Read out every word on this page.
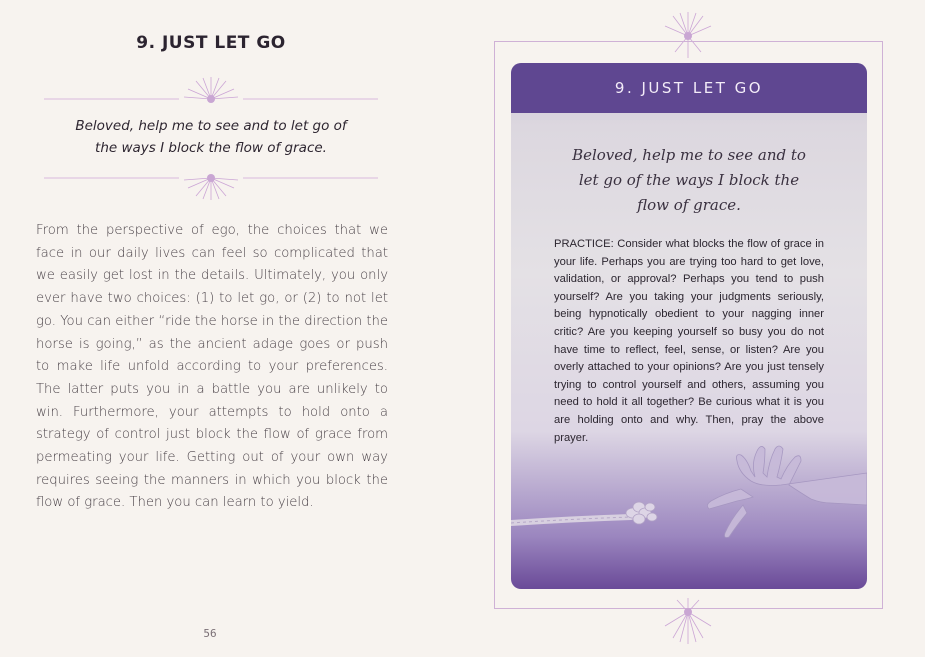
9. JUST LET GO
Beloved, help me to see and to let go of
the ways I block the flow of grace.
From the perspective of ego, the choices that we face in our daily lives can feel so complicated that we easily get lost in the details. Ultimately, you only ever have two choices: (1) to let go, or (2) to not let go. You can either “ride the horse in the direction the horse is going,” as the ancient adage goes or push to make life unfold according to your preferences. The latter puts you in a battle you are unlikely to win. Furthermore, your attempts to hold onto a strategy of control just block the flow of grace from permeating your life. Getting out of your own way requires seeing the manners in which you block the flow of grace. Then you can learn to yield.
56
9. JUST LET GO
Beloved, help me to see and to
let go of the ways I block the
flow of grace.
PRACTICE: Consider what blocks the flow of grace in your life. Perhaps you are trying too hard to get love, validation, or approval? Perhaps you tend to push yourself? Are you taking your judgments seriously, being hypnotically obedient to your nagging inner critic? Are you keeping yourself so busy you do not have time to reflect, feel, sense, or listen? Are you overly attached to your opinions? Are you just tensely trying to control yourself and others, assuming you need to hold it all together? Be curious what it is you are holding onto and why. Then, pray the above prayer.
